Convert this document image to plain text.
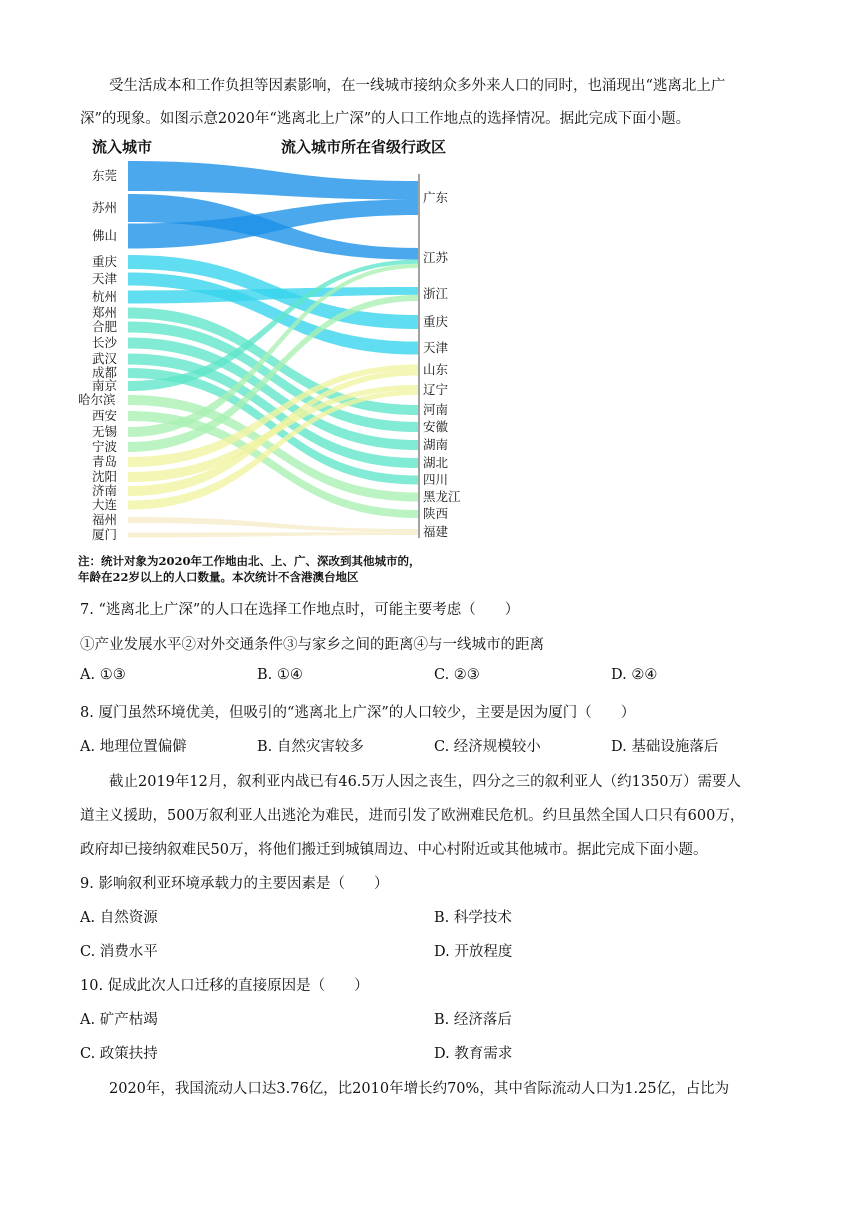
受生活成本和工作负担等因素影响，在一线城市接纳众多外来人口的同时，也涌现出“逃离北上广
深”的现象。如图示意2020年“逃离北上广深”的人口工作地点的选择情况。据此完成下面小题。
流入城市	流入城市所在省级行政区
东莞
苏州
佛山
重庆
天津
杭州
郑州
合肥
长沙
武汉
成都
南京
哈尔滨
西安
无锡
宁波
青岛
沈阳
济南
大连
福州
厦门
广东
江苏
浙江
重庆
天津
山东
辽宁
河南
安徽
湖南
湖北
四川
黑龙江
陕西
福建
注：统计对象为2020年工作地由北、上、广、深改到其他城市的，
年龄在22岁以上的人口数量。本次统计不含港澳台地区
7. “逃离北上广深”的人口在选择工作地点时，可能主要考虑（　　）
①产业发展水平②对外交通条件③与家乡之间的距离④与一线城市的距离
A. ①③	B. ①④	C. ②③	D. ②④
8. 厦门虽然环境优美，但吸引的“逃离北上广深”的人口较少，主要是因为厦门（　　）
A. 地理位置偏僻	B. 自然灾害较多	C. 经济规模较小	D. 基础设施落后
截止2019年12月，叙利亚内战已有46.5万人因之丧生，四分之三的叙利亚人（约1350万）需要人
道主义援助，500万叙利亚人出逃沦为难民，进而引发了欧洲难民危机。约旦虽然全国人口只有600万，
政府却已接纳叙难民50万，将他们搬迁到城镇周边、中心村附近或其他城市。据此完成下面小题。
9. 影响叙利亚环境承载力的主要因素是（　　）
A. 自然资源	B. 科学技术
C. 消费水平	D. 开放程度
10. 促成此次人口迁移的直接原因是（　　）
A. 矿产枯竭	B. 经济落后
C. 政策扶持	D. 教育需求
2020年，我国流动人口达3.76亿，比2010年增长约70%，其中省际流动人口为1.25亿，占比为
